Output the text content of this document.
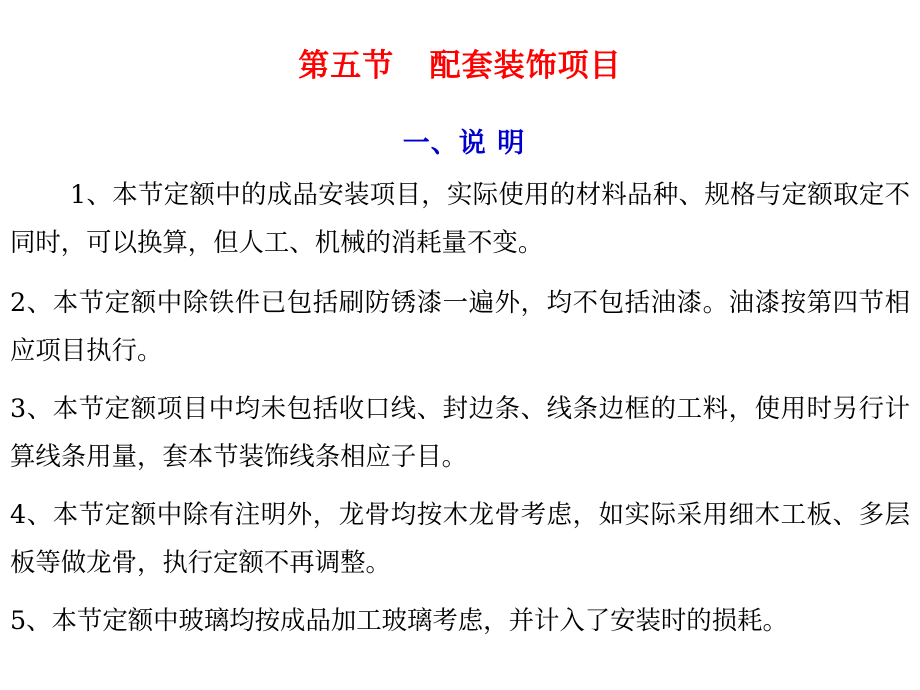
第五节   配套装饰项目
一、说 明
1、本节定额中的成品安装项目，实际使用的材料品种、规格与定额取定不同时，可以换算，但人工、机械的消耗量不变。
2、本节定额中除铁件已包括刷防锈漆一遍外，均不包括油漆。油漆按第四节相应项目执行。
3、本节定额项目中均未包括收口线、封边条、线条边框的工料，使用时另行计算线条用量，套本节装饰线条相应子目。
4、本节定额中除有注明外，龙骨均按木龙骨考虑，如实际采用细木工板、多层板等做龙骨，执行定额不再调整。
5、本节定额中玻璃均按成品加工玻璃考虑，并计入了安装时的损耗。
